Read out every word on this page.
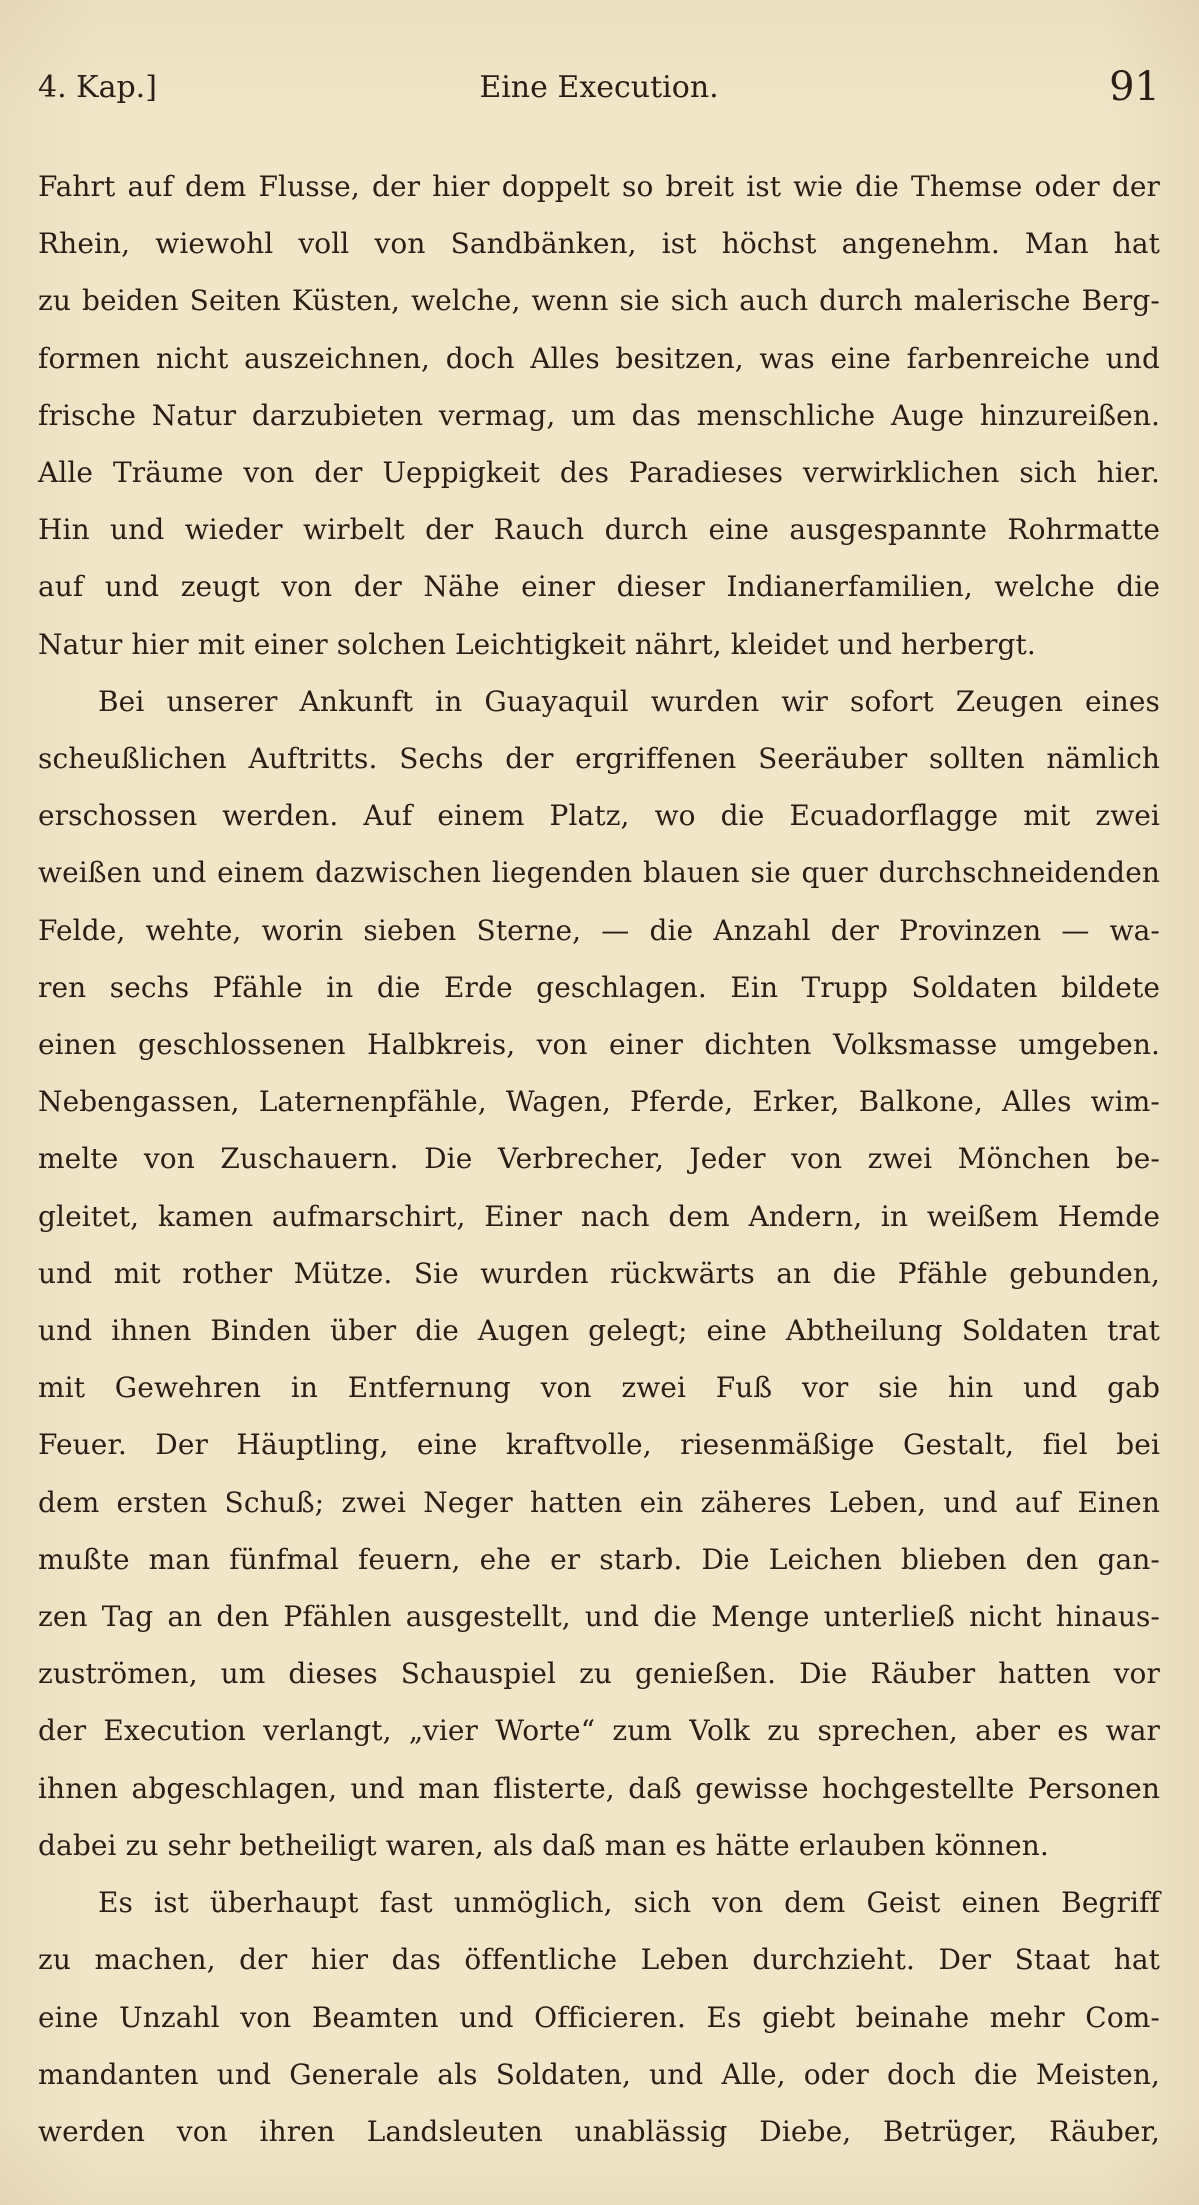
4. Kap.]	Eine Execution.	91

Fahrt auf dem Flusse, der hier doppelt so breit ist wie die Themse oder der

Rhein, wiewohl voll von Sandbänken, ist höchst angenehm. Man hat

zu beiden Seiten Küsten, welche, wenn sie sich auch durch malerische Berg-

formen nicht auszeichnen, doch Alles besitzen, was eine farbenreiche und

frische Natur darzubieten vermag, um das menschliche Auge hinzureißen.

Alle Träume von der Ueppigkeit des Paradieses verwirklichen sich hier.

Hin und wieder wirbelt der Rauch durch eine ausgespannte Rohrmatte

auf und zeugt von der Nähe einer dieser Indianerfamilien, welche die

Natur hier mit einer solchen Leichtigkeit nährt, kleidet und herbergt.

Bei unserer Ankunft in Guayaquil wurden wir sofort Zeugen eines

scheußlichen Auftritts. Sechs der ergriffenen Seeräuber sollten nämlich

erschossen werden. Auf einem Platz, wo die Ecuadorflagge mit zwei

weißen und einem dazwischen liegenden blauen sie quer durchschneidenden

Felde, wehte, worin sieben Sterne, — die Anzahl der Provinzen — wa-

ren sechs Pfähle in die Erde geschlagen. Ein Trupp Soldaten bildete

einen geschlossenen Halbkreis, von einer dichten Volksmasse umgeben.

Nebengassen, Laternenpfähle, Wagen, Pferde, Erker, Balkone, Alles wim-

melte von Zuschauern. Die Verbrecher, Jeder von zwei Mönchen be-

gleitet, kamen aufmarschirt, Einer nach dem Andern, in weißem Hemde

und mit rother Mütze. Sie wurden rückwärts an die Pfähle gebunden,

und ihnen Binden über die Augen gelegt; eine Abtheilung Soldaten trat

mit Gewehren in Entfernung von zwei Fuß vor sie hin und gab

Feuer. Der Häuptling, eine kraftvolle, riesenmäßige Gestalt, fiel bei

dem ersten Schuß; zwei Neger hatten ein zäheres Leben, und auf Einen

mußte man fünfmal feuern, ehe er starb. Die Leichen blieben den gan-

zen Tag an den Pfählen ausgestellt, und die Menge unterließ nicht hinaus-

zuströmen, um dieses Schauspiel zu genießen. Die Räuber hatten vor

der Execution verlangt, „vier Worte“ zum Volk zu sprechen, aber es war

ihnen abgeschlagen, und man flisterte, daß gewisse hochgestellte Personen

dabei zu sehr betheiligt waren, als daß man es hätte erlauben können.

Es ist überhaupt fast unmöglich, sich von dem Geist einen Begriff

zu machen, der hier das öffentliche Leben durchzieht. Der Staat hat

eine Unzahl von Beamten und Officieren. Es giebt beinahe mehr Com-

mandanten und Generale als Soldaten, und Alle, oder doch die Meisten,

werden von ihren Landsleuten unablässig Diebe, Betrüger, Räuber,
